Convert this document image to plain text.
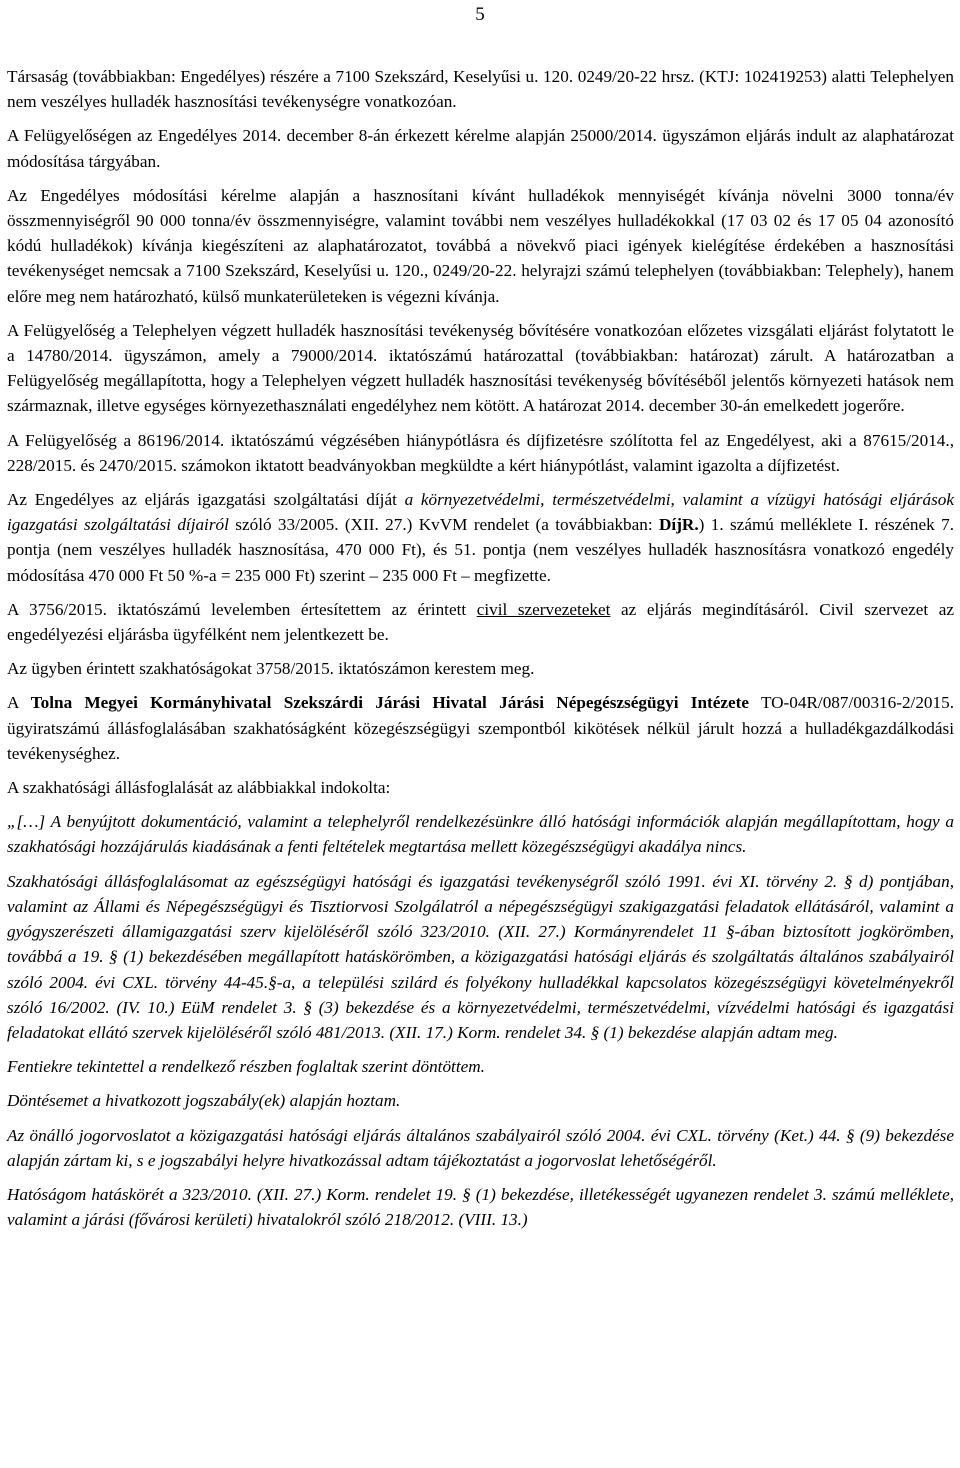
5

Társaság (továbbiakban: Engedélyes) részére a 7100 Szekszárd, Keselyűsi u. 120. 0249/20-22 hrsz. (KTJ: 102419253) alatti Telephelyen nem veszélyes hulladék hasznosítási tevékenységre vonatkozóan.

A Felügyelőségen az Engedélyes 2014. december 8-án érkezett kérelme alapján 25000/2014. ügyszámon eljárás indult az alaphatározat módosítása tárgyában.

Az Engedélyes módosítási kérelme alapján a hasznosítani kívánt hulladékok mennyiségét kívánja növelni 3000 tonna/év összmennyiségről 90 000 tonna/év összmennyiségre, valamint további nem veszélyes hulladékokkal (17 03 02 és 17 05 04 azonosító kódú hulladékok) kívánja kiegészíteni az alaphatározatot, továbbá a növekvő piaci igények kielégítése érdekében a hasznosítási tevékenységet nemcsak a 7100 Szekszárd, Keselyűsi u. 120., 0249/20-22. helyrajzi számú telephelyen (továbbiakban: Telephely), hanem előre meg nem határozható, külső munkaterületeken is végezni kívánja.

A Felügyelőség a Telephelyen végzett hulladék hasznosítási tevékenység bővítésére vonatkozóan előzetes vizsgálati eljárást folytatott le a 14780/2014. ügyszámon, amely a 79000/2014. iktatószámú határozattal (továbbiakban: határozat) zárult. A határozatban a Felügyelőség megállapította, hogy a Telephelyen végzett hulladék hasznosítási tevékenység bővítéséből jelentős környezeti hatások nem származnak, illetve egységes környezethasználati engedélyhez nem kötött. A határozat 2014. december 30-án emelkedett jogerőre.

A Felügyelőség a 86196/2014. iktatószámú végzésében hiánypótlásra és díjfizetésre szólította fel az Engedélyest, aki a 87615/2014., 228/2015. és 2470/2015. számokon iktatott beadványokban megküldte a kért hiánypótlást, valamint igazolta a díjfizetést.

Az Engedélyes az eljárás igazgatási szolgáltatási díját a környezetvédelmi, természetvédelmi, valamint a vízügyi hatósági eljárások igazgatási szolgáltatási díjairól szóló 33/2005. (XII. 27.) KvVM rendelet (a továbbiakban: DíjR.) 1. számú melléklete I. részének 7. pontja (nem veszélyes hulladék hasznosítása, 470 000 Ft), és 51. pontja (nem veszélyes hulladék hasznosításra vonatkozó engedély módosítása 470 000 Ft 50 %-a = 235 000 Ft) szerint – 235 000 Ft – megfizette.

A 3756/2015. iktatószámú levelemben értesítettem az érintett civil szervezeteket az eljárás megindításáról. Civil szervezet az engedélyezési eljárásba ügyfélként nem jelentkezett be.

Az ügyben érintett szakhatóságokat 3758/2015. iktatószámon kerestem meg.

A Tolna Megyei Kormányhivatal Szekszárdi Járási Hivatal Járási Népegészségügyi Intézete TO-04R/087/00316-2/2015. ügyiratszámú állásfoglalásában szakhatóságként közegészségügyi szempontból kikötések nélkül járult hozzá a hulladékgazdálkodási tevékenységhez.

A szakhatósági állásfoglalását az alábbiakkal indokolta:

„[…] A benyújtott dokumentáció, valamint a telephelyről rendelkezésünkre álló hatósági információk alapján megállapítottam, hogy a szakhatósági hozzájárulás kiadásának a fenti feltételek megtartása mellett közegészségügyi akadálya nincs.

Szakhatósági állásfoglalásomat az egészségügyi hatósági és igazgatási tevékenységről szóló 1991. évi XI. törvény 2. § d) pontjában, valamint az Állami és Népegészségügyi és Tisztiorvosi Szolgálatról a népegészségügyi szakigazgatási feladatok ellátásáról, valamint a gyógyszerészeti államigazgatási szerv kijelöléséről szóló 323/2010. (XII. 27.) Kormányrendelet 11 §-ában biztosított jogkörömben, továbbá a 19. § (1) bekezdésében megállapított hatáskörömben, a közigazgatási hatósági eljárás és szolgáltatás általános szabályairól szóló 2004. évi CXL. törvény 44-45.§-a, a települési szilárd és folyékony hulladékkal kapcsolatos közegészségügyi követelményekről szóló 16/2002. (IV. 10.) EüM rendelet 3. § (3) bekezdése és a környezetvédelmi, természetvédelmi, vízvédelmi hatósági és igazgatási feladatokat ellátó szervek kijelöléséről szóló 481/2013. (XII. 17.) Korm. rendelet 34. § (1) bekezdése alapján adtam meg.

Fentiekre tekintettel a rendelkező részben foglaltak szerint döntöttem.

Döntésemet a hivatkozott jogszabály(ek) alapján hoztam.

Az önálló jogorvoslatot a közigazgatási hatósági eljárás általános szabályairól szóló 2004. évi CXL. törvény (Ket.) 44. § (9) bekezdése alapján zártam ki, s e jogszabályi helyre hivatkozással adtam tájékoztatást a jogorvoslat lehetőségéről.

Hatóságom hatáskörét a 323/2010. (XII. 27.) Korm. rendelet 19. § (1) bekezdése, illetékességét ugyanezen rendelet 3. számú melléklete, valamint a járási (fővárosi kerületi) hivatalokról szóló 218/2012. (VIII. 13.)
